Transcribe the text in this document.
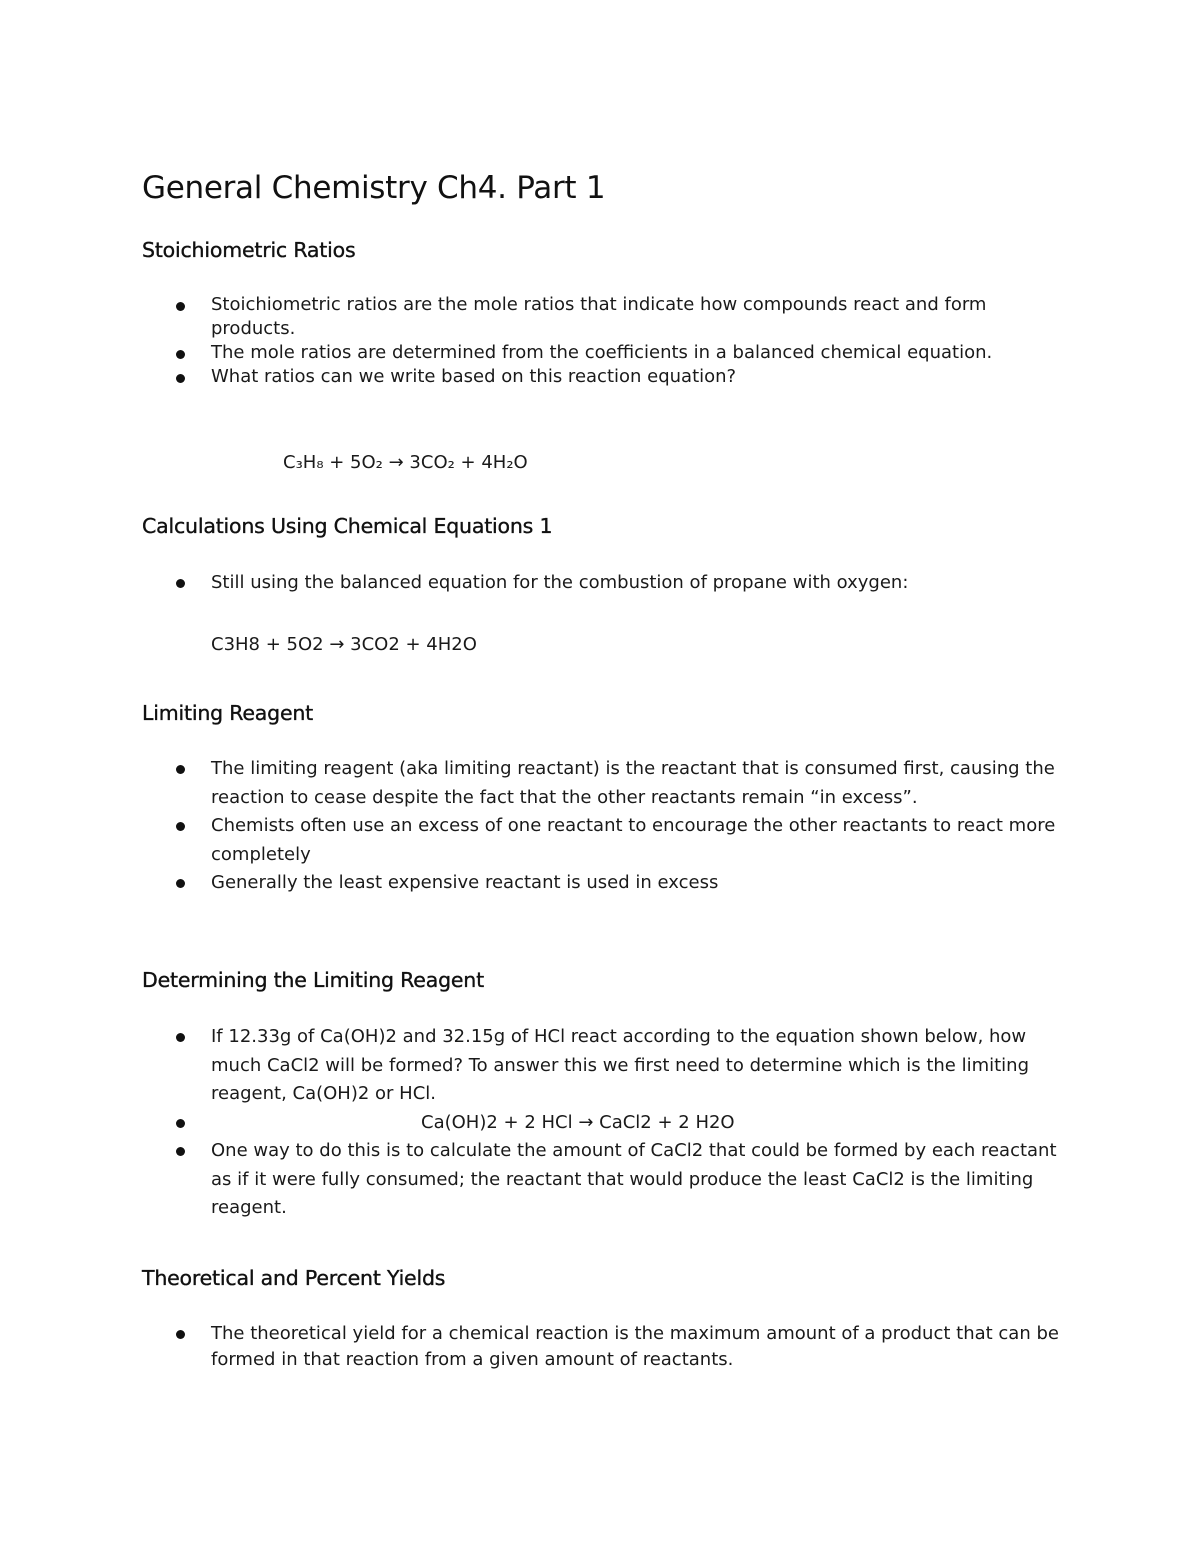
General Chemistry Ch4. Part 1
Stoichiometric Ratios
Stoichiometric ratios are the mole ratios that indicate how compounds react and form products.
The mole ratios are determined from the coefficients in a balanced chemical equation.
What ratios can we write based on this reaction equation?

C₃H₈ + 5O₂ → 3CO₂ + 4H₂O

Calculations Using Chemical Equations 1
Still using the balanced equation for the combustion of propane with oxygen:

C3H8 + 5O2 → 3CO2 + 4H2O

Limiting Reagent
The limiting reagent (aka limiting reactant) is the reactant that is consumed first, causing the reaction to cease despite the fact that the other reactants remain “in excess”.
Chemists often use an excess of one reactant to encourage the other reactants to react more completely
Generally the least expensive reactant is used in excess
Determining the Limiting Reagent
If 12.33g of Ca(OH)2 and 32.15g of HCl react according to the equation shown below, how much CaCl2 will be formed? To answer this we first need to determine which is the limiting reagent, Ca(OH)2 or HCl.
Ca(OH)2 + 2 HCl → CaCl2 + 2 H2O
One way to do this is to calculate the amount of CaCl2 that could be formed by each reactant as if it were fully consumed; the reactant that would produce the least CaCl2 is the limiting reagent.
Theoretical and Percent Yields
The theoretical yield for a chemical reaction is the maximum amount of a product that can be formed in that reaction from a given amount of reactants.
